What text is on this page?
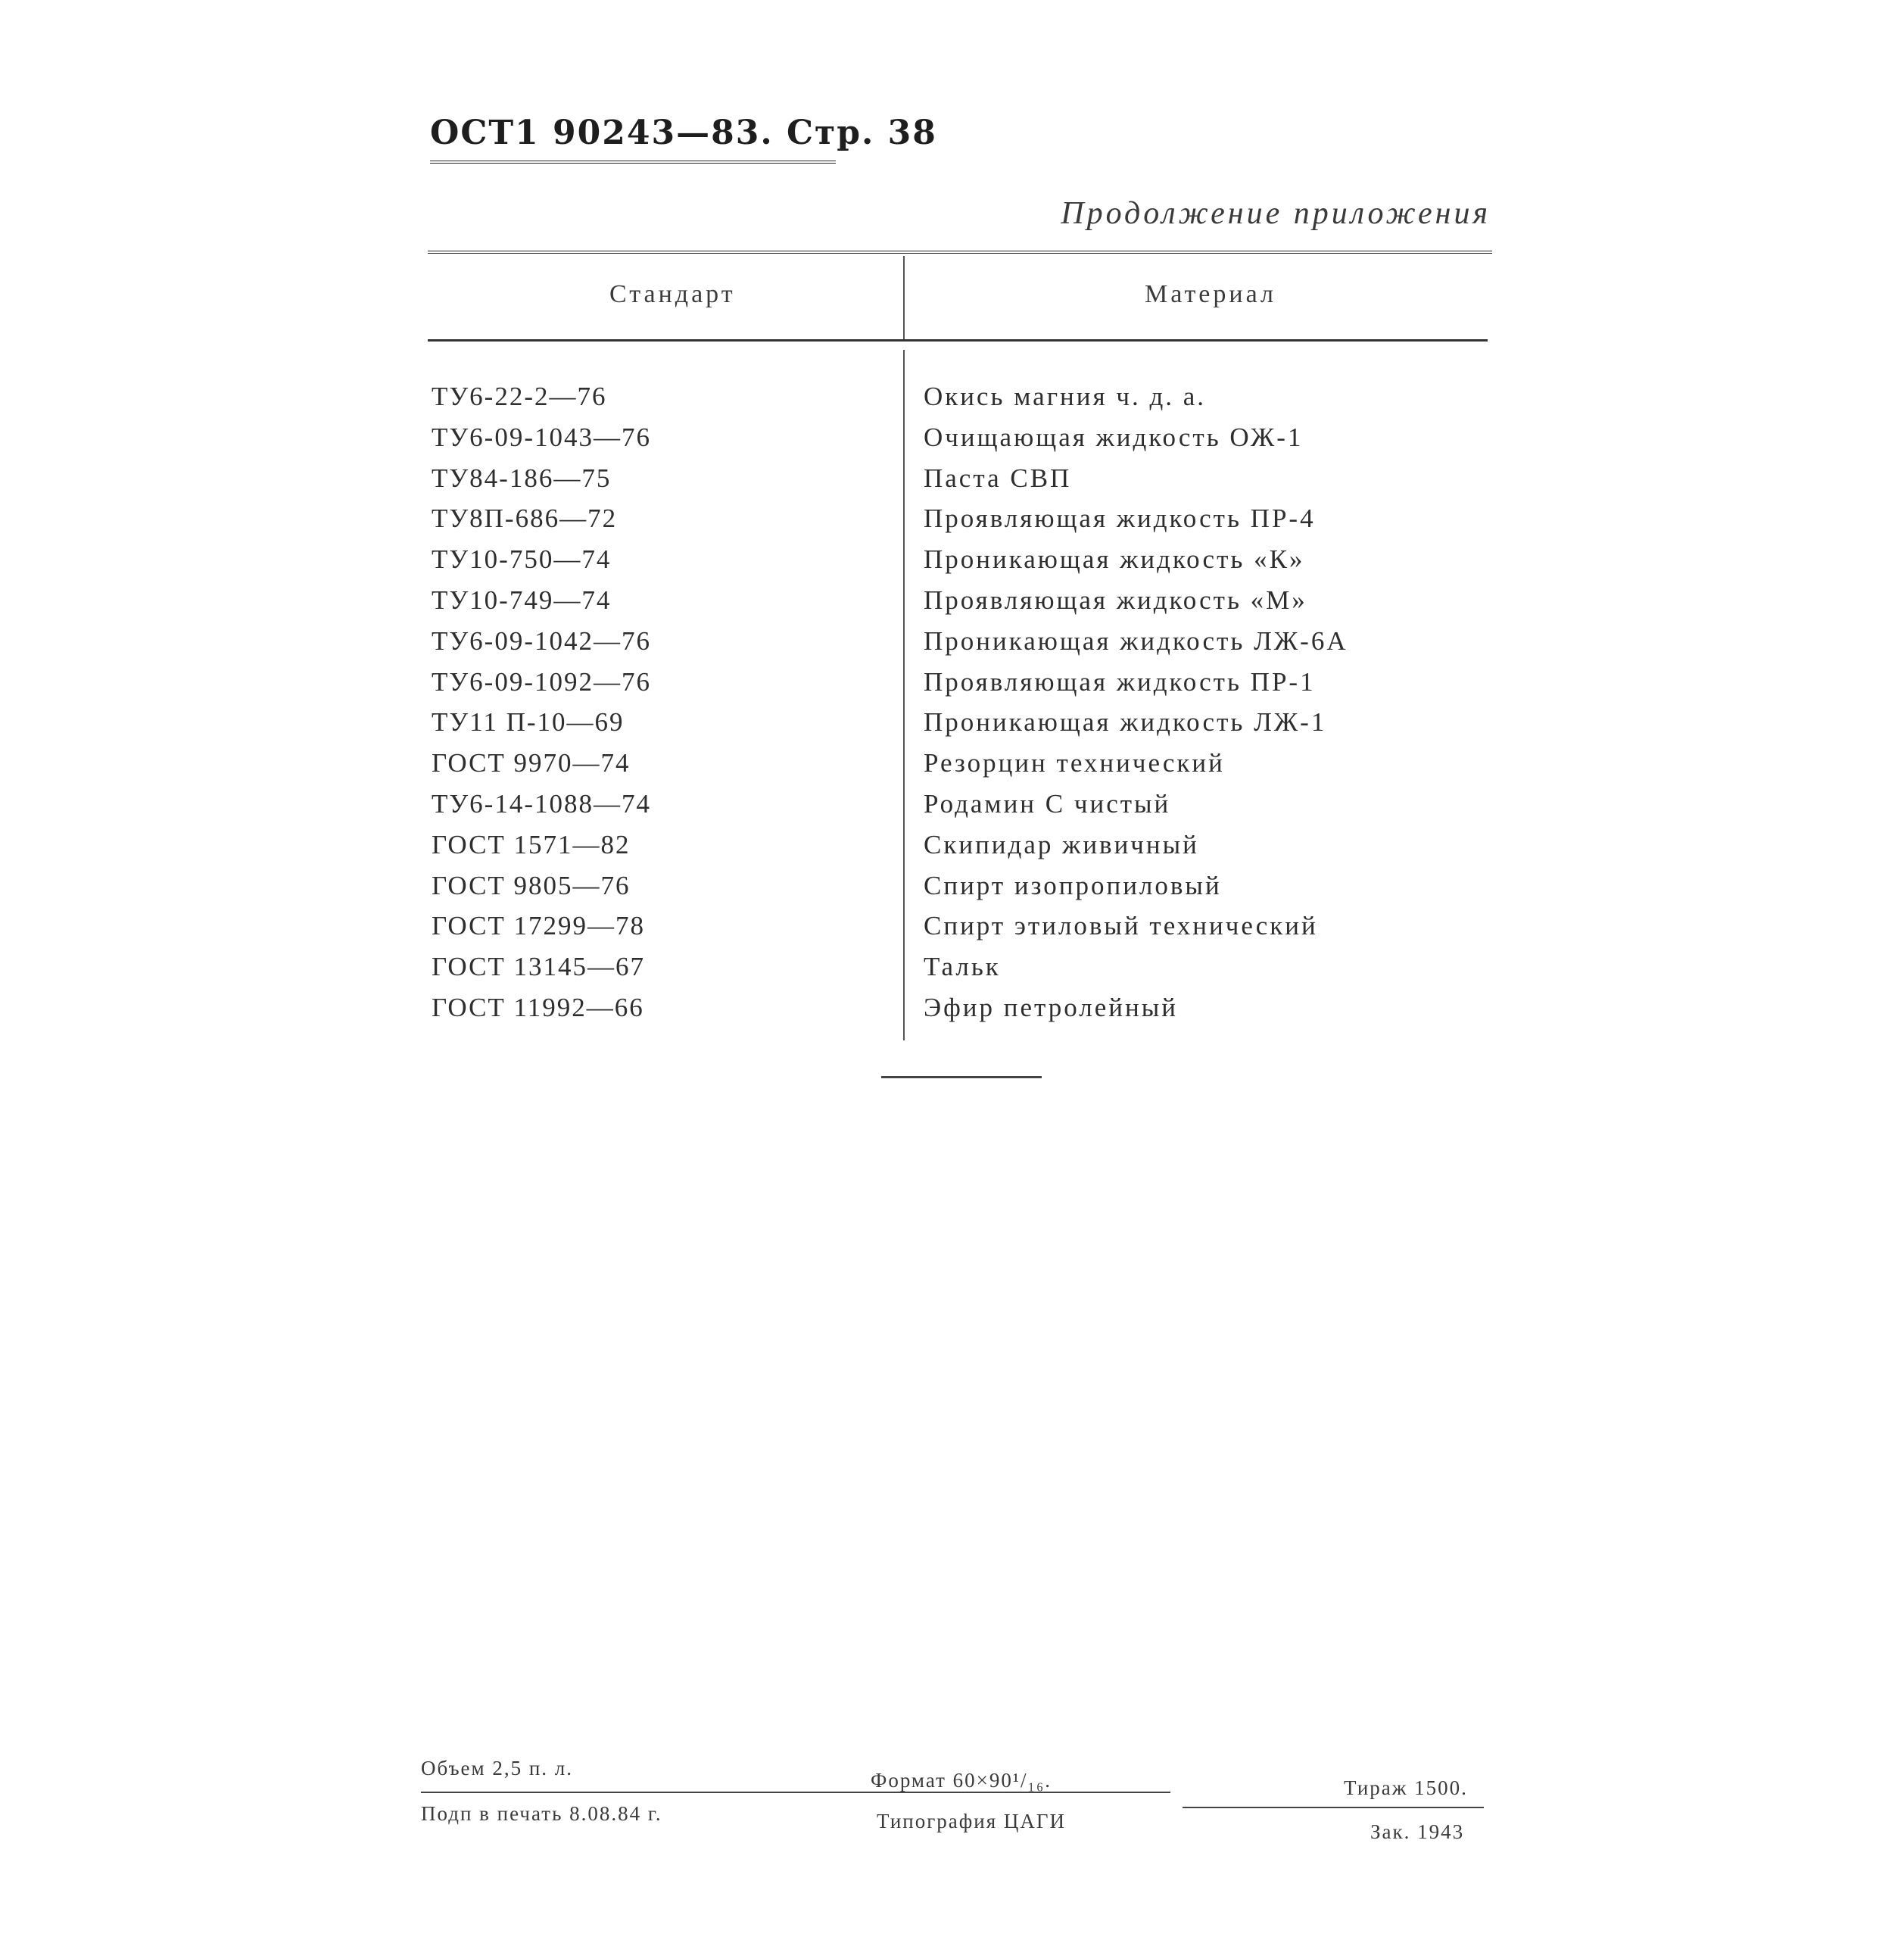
ОСТ1 90243—83. Стр. 38
Продолжение приложения
Стандарт	Материал
ТУ6-22-2—76	Окись магния ч. д. а.
ТУ6-09-1043—76	Очищающая жидкость ОЖ-1
ТУ84-186—75	Паста СВП
ТУ8П-686—72	Проявляющая жидкость ПР-4
ТУ10-750—74	Проникающая жидкость «К»
ТУ10-749—74	Проявляющая жидкость «М»
ТУ6-09-1042—76	Проникающая жидкость ЛЖ-6А
ТУ6-09-1092—76	Проявляющая жидкость ПР-1
ТУ11 П-10—69	Проникающая жидкость ЛЖ-1
ГОСТ 9970—74	Резорцин технический
ТУ6-14-1088—74	Родамин С чистый
ГОСТ 1571—82	Скипидар живичный
ГОСТ 9805—76	Спирт изопропиловый
ГОСТ 17299—78	Спирт этиловый технический
ГОСТ 13145—67	Тальк
ГОСТ 11992—66	Эфир петролейный
Объем 2,5 п. л.
Формат 60×90¹/₁₆.	Тираж 1500.
Подп в печать 8.08.84 г.	Типография ЦАГИ	Зак. 1943
